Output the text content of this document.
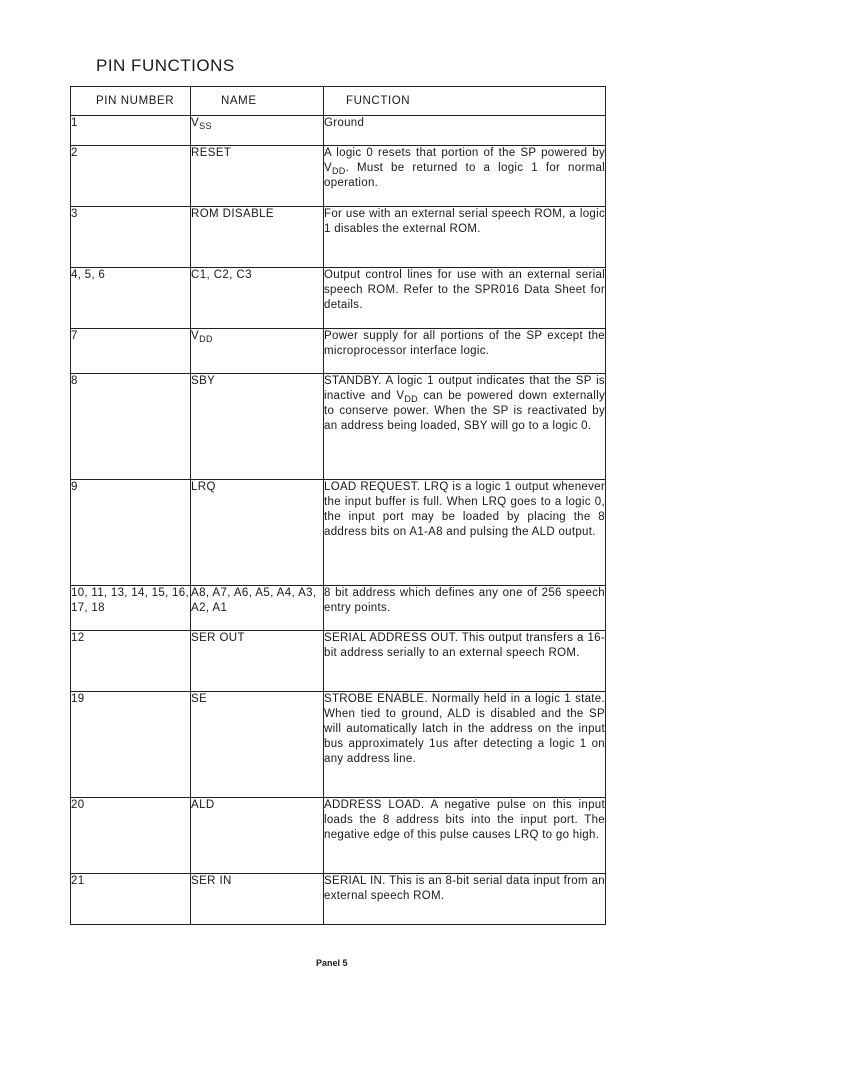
PIN FUNCTIONS
PIN NUMBER	NAME	FUNCTION
1	$V_{SS}$	Ground
2	RESET	A logic 0 resets that portion of the SP powered by $V_{DD}$. Must be returned to a logic 1 for normal operation.
3	ROM DISABLE	For use with an external serial speech ROM, a logic 1 disables the external ROM.
4, 5, 6	C1, C2, C3	Output control lines for use with an external serial speech ROM. Refer to the SPR016 Data Sheet for details.
7	$V_{DD}$	Power supply for all portions of the SP except the microprocessor interface logic.
8	SBY	STANDBY. A logic 1 output indicates that the SP is inactive and $V_{DD}$ can be powered down externally to conserve power. When the SP is reactivated by an address being loaded, SBY will go to a logic 0.
9	LRQ	LOAD REQUEST. LRQ is a logic 1 output whenever the input buffer is full. When LRQ goes to a logic 0, the input port may be loaded by placing the 8 address bits on A1-A8 and pulsing the ALD output.
10, 11, 13, 14, 15, 16, 17, 18	A8, A7, A6, A5, A4, A3, A2, A1	8 bit address which defines any one of 256 speech entry points.
12	SER OUT	SERIAL ADDRESS OUT. This output transfers a 16-bit address serially to an external speech ROM.
19	SE	STROBE ENABLE. Normally held in a logic 1 state. When tied to ground, ALD is disabled and the SP will automatically latch in the address on the input bus approximately 1us after detecting a logic 1 on any address line.
20	ALD	ADDRESS LOAD. A negative pulse on this input loads the 8 address bits into the input port. The negative edge of this pulse causes LRQ to go high.
21	SER IN	SERIAL IN. This is an 8-bit serial data input from an external speech ROM.
Panel 5
